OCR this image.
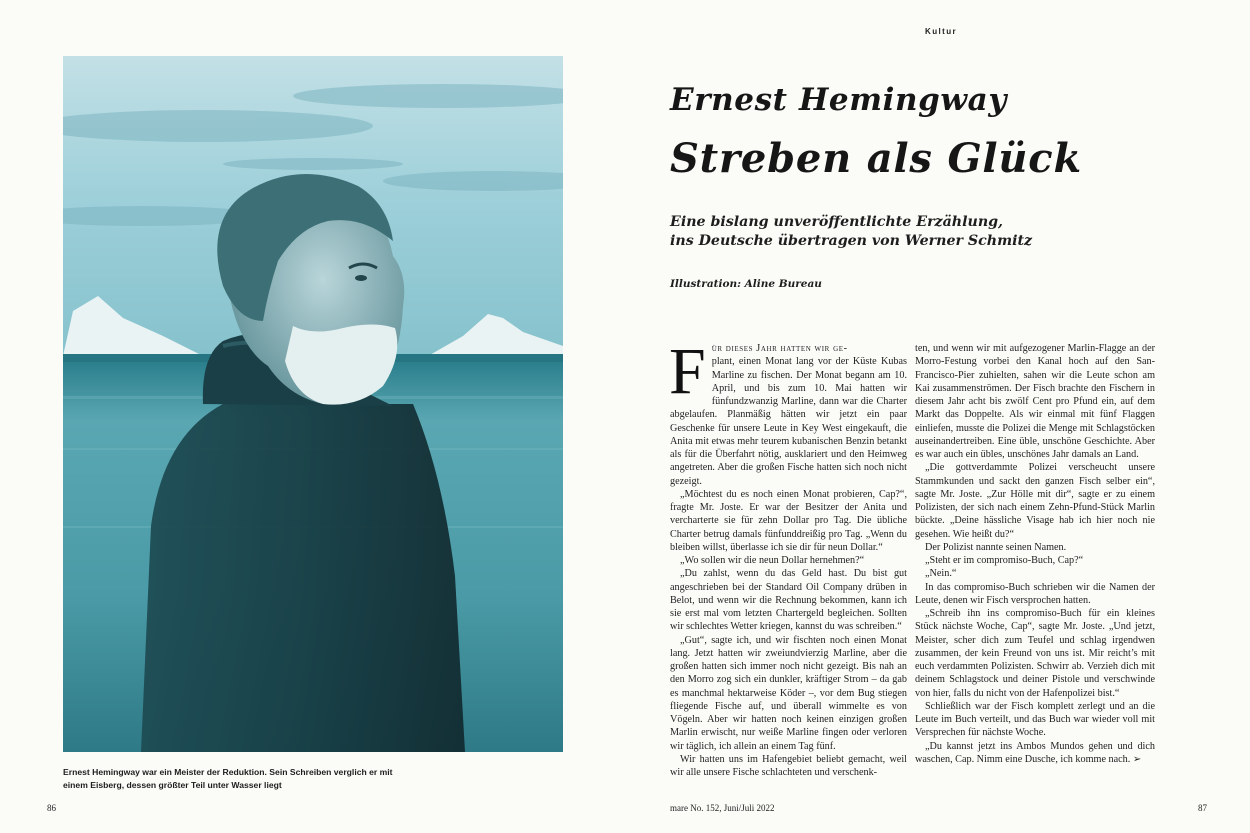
Ernest Hemingway war ein Meister der Reduktion. Sein Schreiben verglich er mit einem Eisberg, dessen größter Teil unter Wasser liegt
86
Kultur
Ernest Hemingway
Streben als Glück
Eine bislang unveröffentlichte Erzählung,
ins Deutsche übertragen von Werner Schmitz
Illustration: Aline Bureau
F ür dieses Jahr hatten wir ge-

plant, einen Monat lang vor der Küste Kubas Marline zu fischen. Der Monat begann am 10. April, und bis zum 10. Mai hatten wir fünfundzwanzig Marline, dann war die Charter abgelaufen. Planmäßig hätten wir jetzt ein paar Geschenke für unsere Leute in Key West eingekauft, die Anita mit etwas mehr teurem kubanischen Benzin betankt als für die Überfahrt nötig, ausklariert und den Heimweg angetreten. Aber die großen Fische hatten sich noch nicht gezeigt.

„Möchtest du es noch einen Monat probieren, Cap?“, fragte Mr. Joste. Er war der Besitzer der Anita und vercharterte sie für zehn Dollar pro Tag. Die übliche Charter betrug damals fünfunddreißig pro Tag. „Wenn du bleiben willst, überlasse ich sie dir für neun Dollar.“

„Wo sollen wir die neun Dollar hernehmen?“

„Du zahlst, wenn du das Geld hast. Du bist gut angeschrieben bei der Standard Oil Company drüben in Belot, und wenn wir die Rechnung bekommen, kann ich sie erst mal vom letzten Chartergeld begleichen. Sollten wir schlechtes Wetter kriegen, kannst du was schreiben.“

„Gut“, sagte ich, und wir fischten noch einen Monat lang. Jetzt hatten wir zweiundvierzig Marline, aber die großen hatten sich immer noch nicht gezeigt. Bis nah an den Morro zog sich ein dunkler, kräftiger Strom – da gab es manchmal hektarweise Köder –, vor dem Bug stiegen fliegende Fische auf, und überall wimmelte es von Vögeln. Aber wir hatten noch keinen einzigen großen Marlin erwischt, nur weiße Marline fingen oder verloren wir täglich, ich allein an einem Tag fünf.

Wir hatten uns im Hafengebiet beliebt gemacht, weil wir alle unsere Fische schlachteten und verschenk-

ten, und wenn wir mit aufgezogener Marlin-Flagge an der Morro-Festung vorbei den Kanal hoch auf den San-Francisco-Pier zuhielten, sahen wir die Leute schon am Kai zusammenströmen. Der Fisch brachte den Fischern in diesem Jahr acht bis zwölf Cent pro Pfund ein, auf dem Markt das Doppelte. Als wir einmal mit fünf Flaggen einliefen, musste die Polizei die Menge mit Schlagstöcken auseinandertreiben. Eine üble, unschöne Geschichte. Aber es war auch ein übles, unschönes Jahr damals an Land.

„Die gottverdammte Polizei verscheucht unsere Stammkunden und sackt den ganzen Fisch selber ein“, sagte Mr. Joste. „Zur Hölle mit dir“, sagte er zu einem Polizisten, der sich nach einem Zehn-Pfund-Stück Marlin bückte. „Deine hässliche Visage hab ich hier noch nie gesehen. Wie heißt du?“

Der Polizist nannte seinen Namen.

„Steht er im compromiso-Buch, Cap?“

„Nein.“

In das compromiso-Buch schrieben wir die Namen der Leute, denen wir Fisch versprochen hatten.

„Schreib ihn ins compromiso-Buch für ein kleines Stück nächste Woche, Cap“, sagte Mr. Joste. „Und jetzt, Meister, scher dich zum Teufel und schlag irgendwen zusammen, der kein Freund von uns ist. Mir reicht’s mit euch verdammten Polizisten. Schwirr ab. Verzieh dich mit deinem Schlagstock und deiner Pistole und verschwinde von hier, falls du nicht von der Hafenpolizei bist.“

Schließlich war der Fisch komplett zerlegt und an die Leute im Buch verteilt, und das Buch war wieder voll mit Versprechen für nächste Woche.

„Du kannst jetzt ins Ambos Mundos gehen und dich waschen, Cap. Nimm eine Dusche, ich komme nach. ➢

mare No. 152, Juni/Juli 2022	87
